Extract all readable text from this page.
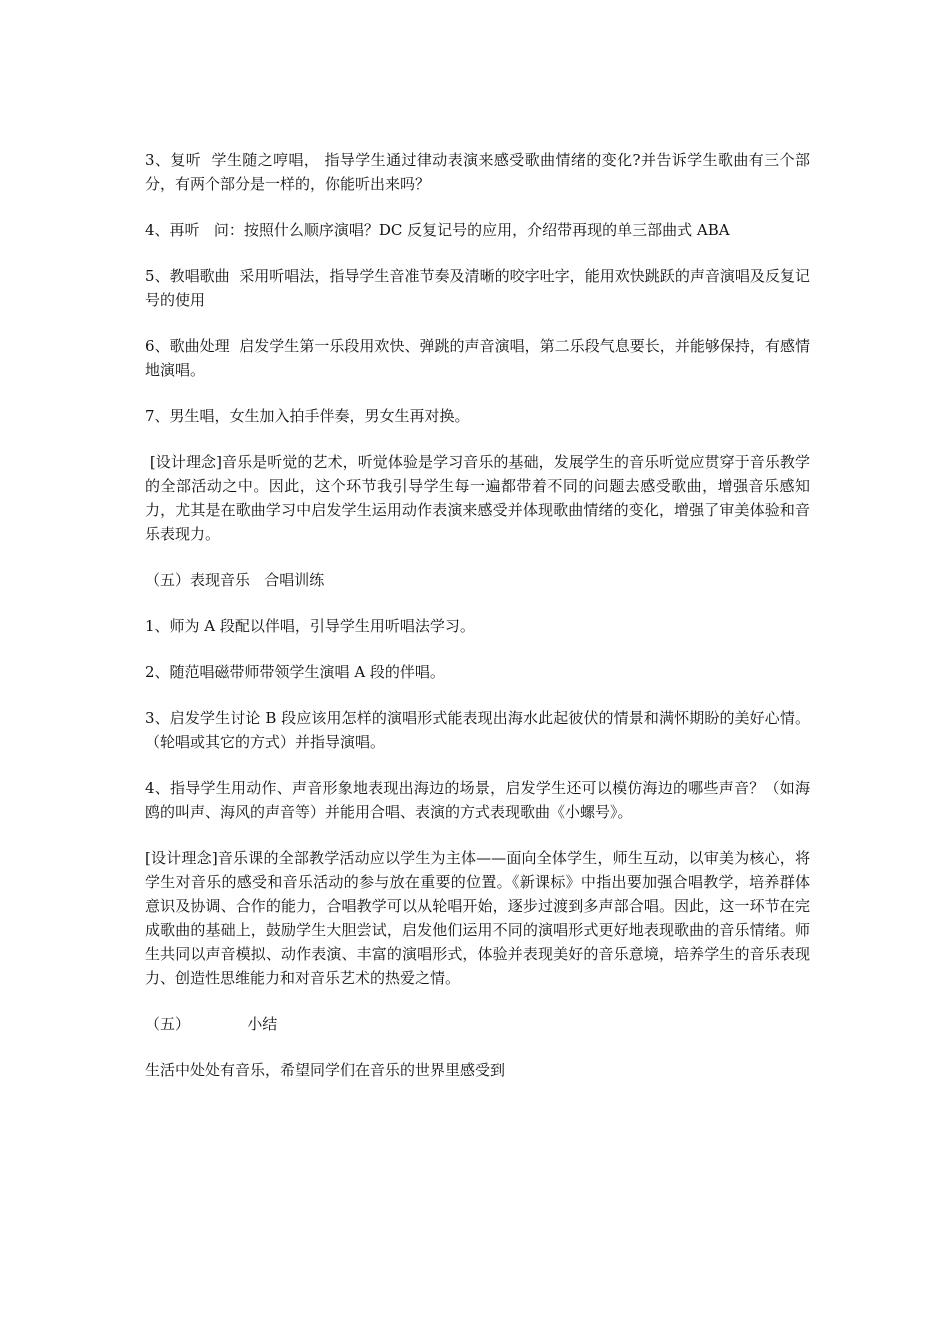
3、复听  学生随之哼唱， 指导学生通过律动表演来感受歌曲情绪的变化?并告诉学生歌曲有三个部分，有两个部分是一样的，你能听出来吗？

4、再听   问：按照什么顺序演唱？DC 反复记号的应用，介绍带再现的单三部曲式 ABA

5、教唱歌曲  采用听唱法，指导学生音准节奏及清晰的咬字吐字，能用欢快跳跃的声音演唱及反复记号的使用

6、歌曲处理  启发学生第一乐段用欢快、弹跳的声音演唱，第二乐段气息要长，并能够保持，有感情地演唱。

7、男生唱，女生加入拍手伴奏，男女生再对换。

[设计理念]音乐是听觉的艺术，听觉体验是学习音乐的基础，发展学生的音乐听觉应贯穿于音乐教学的全部活动之中。因此，这个环节我引导学生每一遍都带着不同的问题去感受歌曲，增强音乐感知力，尤其是在歌曲学习中启发学生运用动作表演来感受并体现歌曲情绪的变化，增强了审美体验和音乐表现力。

（五）表现音乐   合唱训练

1、师为 A 段配以伴唱，引导学生用听唱法学习。

2、随范唱磁带师带领学生演唱 A 段的伴唱。

3、启发学生讨论 B 段应该用怎样的演唱形式能表现出海水此起彼伏的情景和满怀期盼的美好心情。（轮唱或其它的方式）并指导演唱。

4、指导学生用动作、声音形象地表现出海边的场景，启发学生还可以模仿海边的哪些声音？（如海鸥的叫声、海风的声音等）并能用合唱、表演的方式表现歌曲《小螺号》。

[设计理念]音乐课的全部教学活动应以学生为主体——面向全体学生，师生互动，以审美为核心，将学生对音乐的感受和音乐活动的参与放在重要的位置。《新课标》中指出要加强合唱教学，培养群体意识及协调、合作的能力，合唱教学可以从轮唱开始，逐步过渡到多声部合唱。因此，这一环节在完成歌曲的基础上，鼓励学生大胆尝试，启发他们运用不同的演唱形式更好地表现歌曲的音乐情绪。师生共同以声音模拟、动作表演、丰富的演唱形式，体验并表现美好的音乐意境，培养学生的音乐表现力、创造性思维能力和对音乐艺术的热爱之情。

（五）            小结

生活中处处有音乐，希望同学们在音乐的世界里感受到
